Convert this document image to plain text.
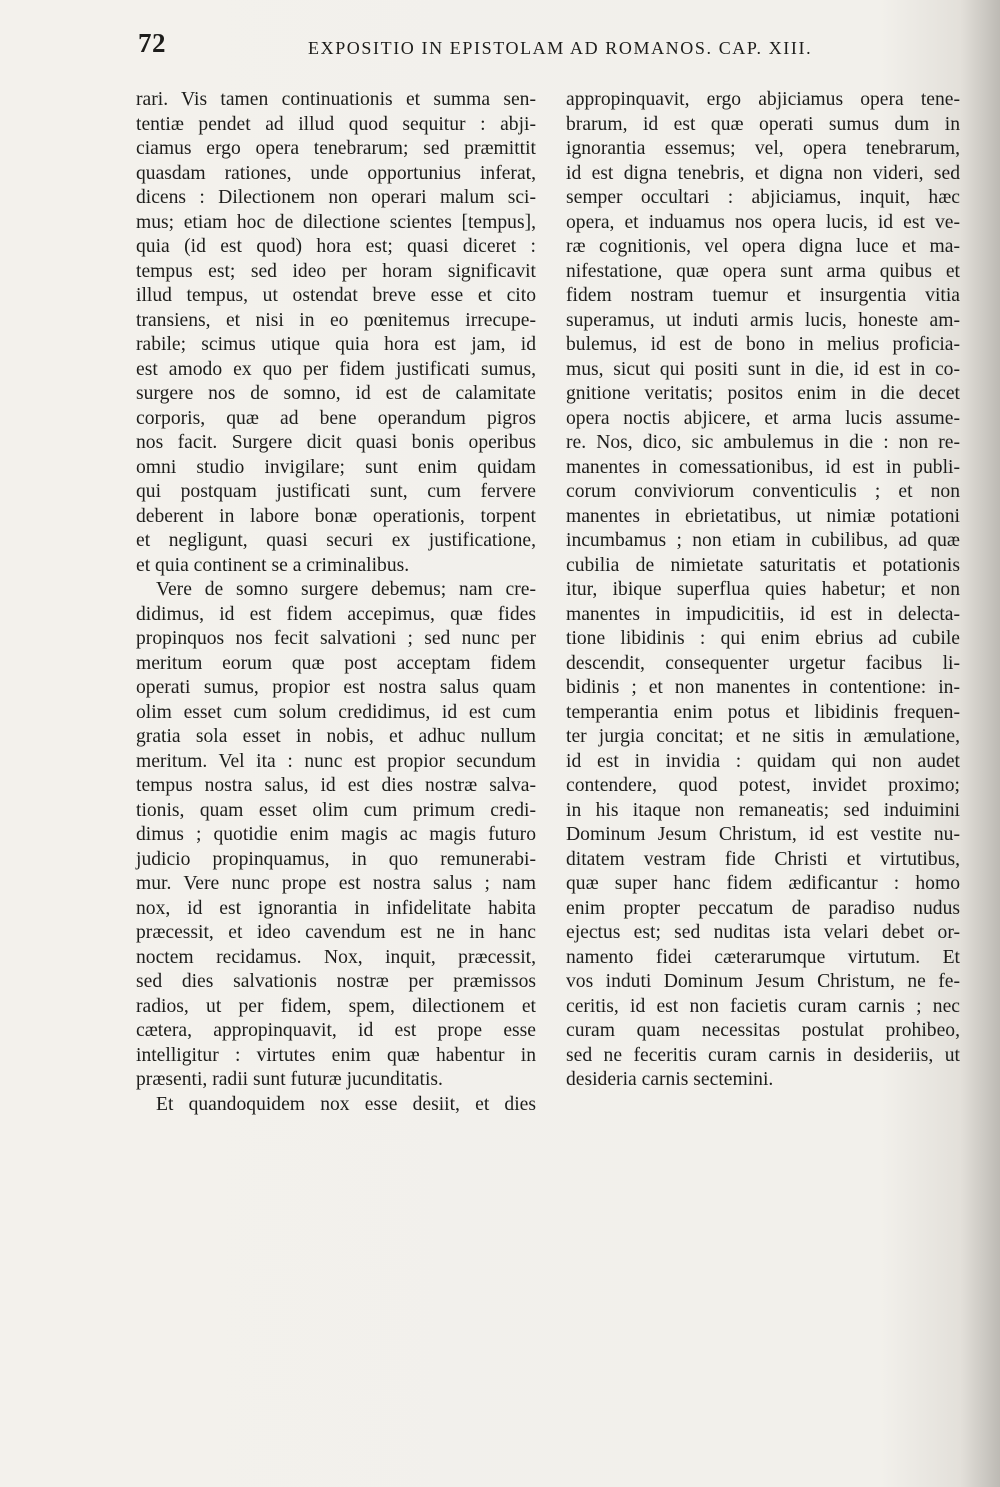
72	EXPOSITIO IN EPISTOLAM AD ROMANOS. CAP. XIII.
rari. Vis tamen continuationis et summa sen-
tentiæ pendet ad illud quod sequitur : abji-
ciamus ergo opera tenebrarum; sed præmittit
quasdam rationes, unde opportunius inferat,
dicens : Dilectionem non operari malum sci-
mus; etiam hoc de dilectione scientes [tempus],
quia (id est quod) hora est; quasi diceret :
tempus est; sed ideo per horam significavit
illud tempus, ut ostendat breve esse et cito
transiens, et nisi in eo pœnitemus irrecupe-
rabile; scimus utique quia hora est jam, id
est amodo ex quo per fidem justificati sumus,
surgere nos de somno, id est de calamitate
corporis, quæ ad bene operandum pigros
nos facit. Surgere dicit quasi bonis operibus
omni studio invigilare; sunt enim quidam
qui postquam justificati sunt, cum fervere
deberent in labore bonæ operationis, torpent
et negligunt, quasi securi ex justificatione,
et quia continent se a criminalibus.
Vere de somno surgere debemus; nam cre-
didimus, id est fidem accepimus, quæ fides
propinquos nos fecit salvationi ; sed nunc per
meritum eorum quæ post acceptam fidem
operati sumus, propior est nostra salus quam
olim esset cum solum credidimus, id est cum
gratia sola esset in nobis, et adhuc nullum
meritum. Vel ita : nunc est propior secundum
tempus nostra salus, id est dies nostræ salva-
tionis, quam esset olim cum primum credi-
dimus ; quotidie enim magis ac magis futuro
judicio propinquamus, in quo remunerabi-
mur. Vere nunc prope est nostra salus ; nam
nox, id est ignorantia in infidelitate habita
præcessit, et ideo cavendum est ne in hanc
noctem recidamus. Nox, inquit, præcessit,
sed dies salvationis nostræ per præmissos
radios, ut per fidem, spem, dilectionem et
cætera, appropinquavit, id est prope esse
intelligitur : virtutes enim quæ habentur in
præsenti, radii sunt futuræ jucunditatis.
Et quandoquidem nox esse desiit, et dies
appropinquavit, ergo abjiciamus opera tene-
brarum, id est quæ operati sumus dum in
ignorantia essemus; vel, opera tenebrarum,
id est digna tenebris, et digna non videri, sed
semper occultari : abjiciamus, inquit, hæc
opera, et induamus nos opera lucis, id est ve-
ræ cognitionis, vel opera digna luce et ma-
nifestatione, quæ opera sunt arma quibus et
fidem nostram tuemur et insurgentia vitia
superamus, ut induti armis lucis, honeste am-
bulemus, id est de bono in melius proficia-
mus, sicut qui positi sunt in die, id est in co-
gnitione veritatis; positos enim in die decet
opera noctis abjicere, et arma lucis assume-
re. Nos, dico, sic ambulemus in die : non re-
manentes in comessationibus, id est in publi-
corum conviviorum conventiculis ; et non
manentes in ebrietatibus, ut nimiæ potationi
incumbamus ; non etiam in cubilibus, ad quæ
cubilia de nimietate saturitatis et potationis
itur, ibique superflua quies habetur; et non
manentes in impudicitiis, id est in delecta-
tione libidinis : qui enim ebrius ad cubile
descendit, consequenter urgetur facibus li-
bidinis ; et non manentes in contentione: in-
temperantia enim potus et libidinis frequen-
ter jurgia concitat; et ne sitis in æmulatione,
id est in invidia : quidam qui non audet
contendere, quod potest, invidet proximo;
in his itaque non remaneatis; sed induimini
Dominum Jesum Christum, id est vestite nu-
ditatem vestram fide Christi et virtutibus,
quæ super hanc fidem ædificantur : homo
enim propter peccatum de paradiso nudus
ejectus est; sed nuditas ista velari debet or-
namento fidei cæterarumque virtutum. Et
vos induti Dominum Jesum Christum, ne fe-
ceritis, id est non facietis curam carnis ; nec
curam quam necessitas postulat prohibeo,
sed ne feceritis curam carnis in desideriis, ut
desideria carnis sectemini.
